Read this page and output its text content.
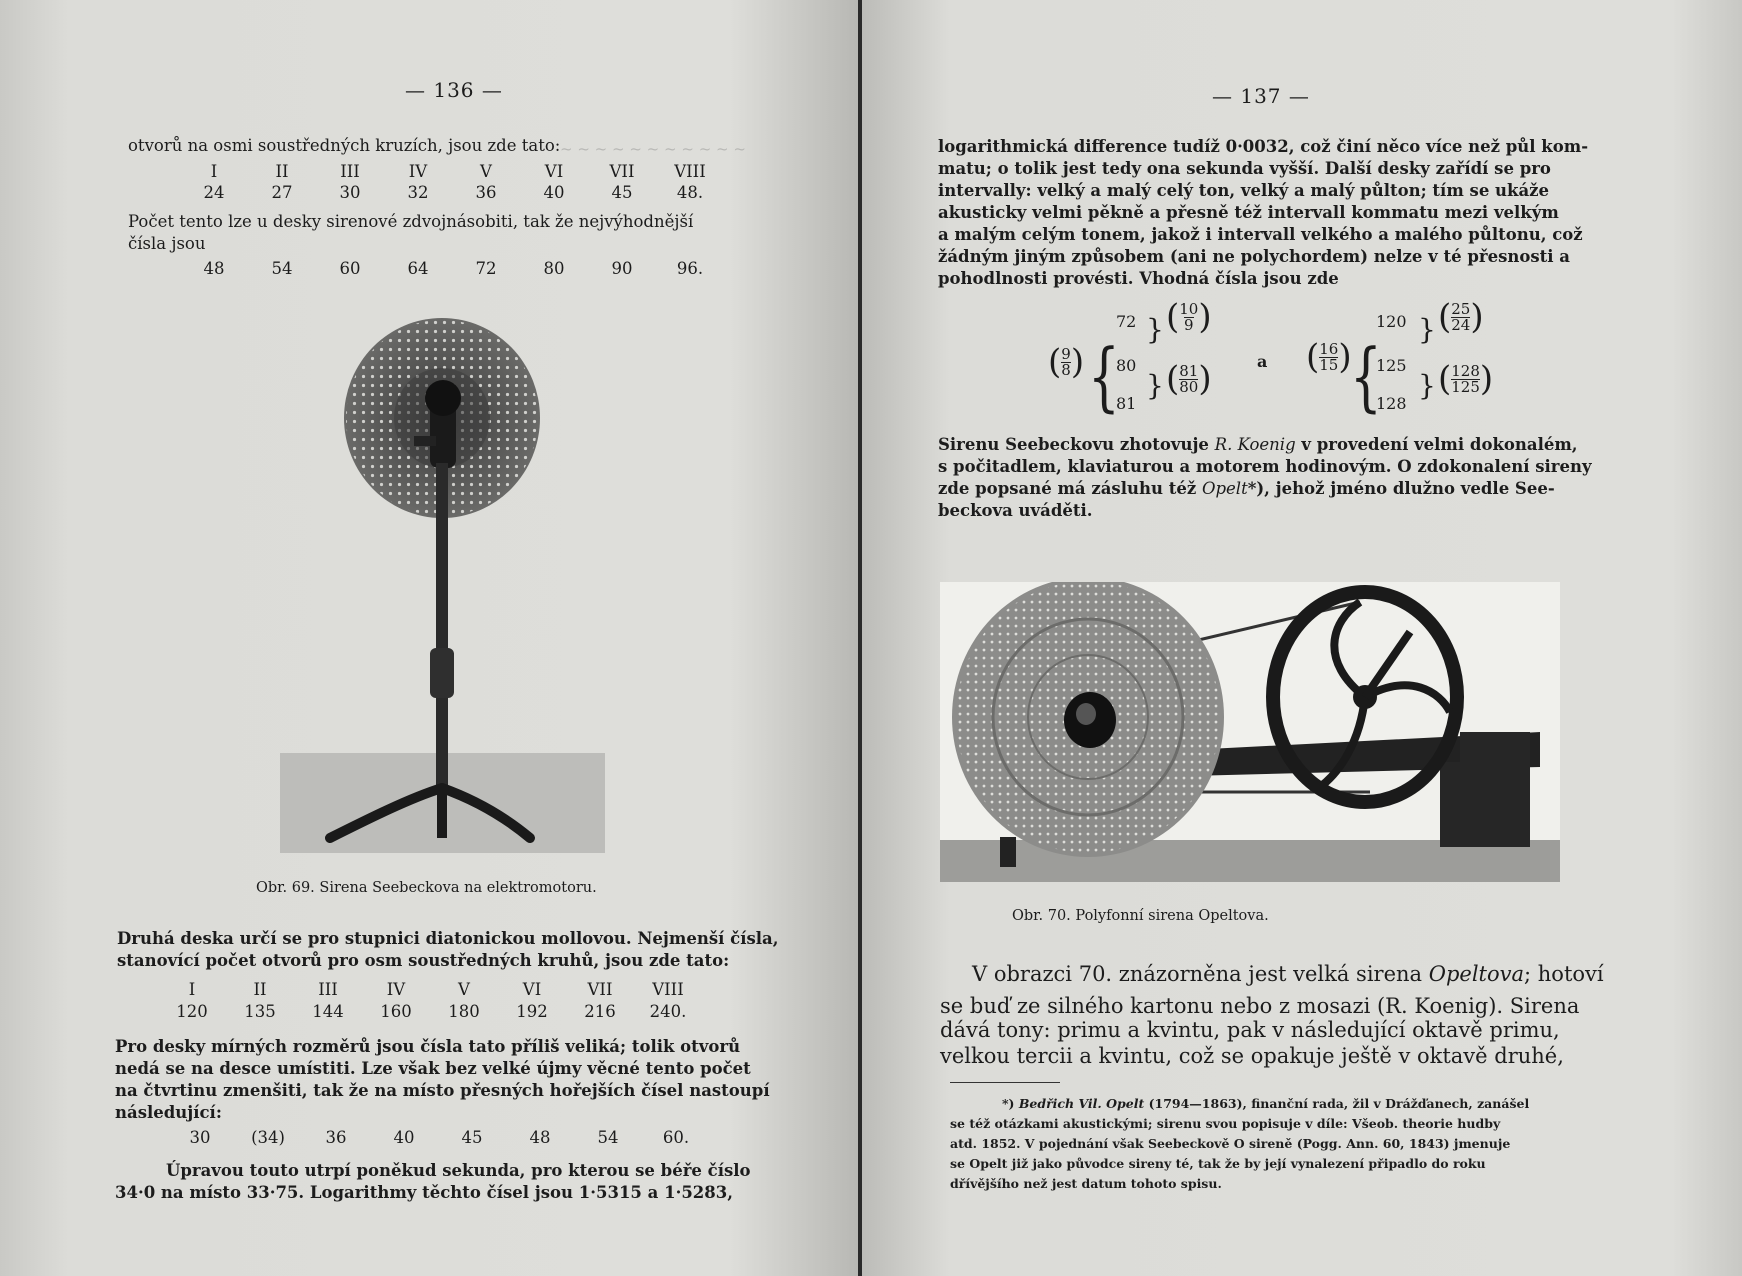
~ ~ ~ ~ ~ ~ ~ ~ ~ ~ ~
— 136 —
otvorů na osmi soustředných kruzích, jsou zde tato:
I	II	III	IV	V	VI	VII	VIII
24	27	30	32	36	40	45	48.
Počet tento lze u desky sirenové zdvojnásobiti, tak že nejvýhodnější
čísla jsou
48	54	60	64	72	80	90	96.
Obr. 69. Sirena Seebeckova na elektromotoru.
Druhá deska určí se pro stupnici diatonickou mollovou. Nejmenší čísla,
stanovící počet otvorů pro osm soustředných kruhů, jsou zde tato:
I	II	III	IV	V	VI	VII	VIII
120	135	144	160	180	192	216	240.
Pro desky mírných rozměrů jsou čísla tato příliš veliká; tolik otvorů
nedá se na desce umístiti. Lze však bez velké újmy věcné tento počet
na čtvrtinu zmenšiti, tak že na místo přesných hořejších čísel nastoupí
následující:
30	(34)	36	40	45	48	54	60.
Úpravou touto utrpí poněkud sekunda, pro kterou se béře číslo
34·0 na místo 33·75. Logarithmy těchto čísel jsou 1·5315 a 1·5283,
— 137 —
logarithmická difference tudíž 0·0032, což činí něco více než půl kom-
matu; o tolik jest tedy ona sekunda vyšší. Další desky zařídí se pro
intervally: velký a malý celý ton, velký a malý půlton; tím se ukáže
akusticky velmi pěkně a přesně též intervall kommatu mezi velkým
a malým celým tonem, jakož i intervall velkého a malého půltonu, což
žádným jiným způsobem (ani ne polychordem) nelze v té přesnosti a
pohodlnosti provésti. Vhodná čísla jsou zde
( $\frac{9}{8}$ ) {
72
80
81
}
}
( $\frac{10}{9}$ )
( $\frac{81}{80}$ )	a ( $\frac{16}{15}$ )
{
120
125
128
}
}
( $\frac{25}{24}$ )
( $\frac{128}{125}$ )
Sirenu Seebeckovu zhotovuje R. Koenig v provedení velmi dokonalém,
s počitadlem, klaviaturou a motorem hodinovým. O zdokonalení sireny
zde popsané má zásluhu též Opelt*), jehož jméno dlužno vedle See-
beckova uváděti.
Obr. 70. Polyfonní sirena Opeltova.
V obrazci 70. znázorněna jest velká sirena Opeltova; hotoví
se buď ze silného kartonu nebo z mosazi (R. Koenig). Sirena
dává tony: primu a kvintu, pak v následující oktavě primu,
velkou tercii a kvintu, což se opakuje ještě v oktavě druhé,
*) Bedřich Vil. Opelt (1794—1863), finanční rada, žil v Drážďanech, zanášel
se též otázkami akustickými; sirenu svou popisuje v díle: Všeob. theorie hudby
atd. 1852. V pojednání však Seebeckově O sireně (Pogg. Ann. 60, 1843) jmenuje
se Opelt již jako původce sireny té, tak že by její vynalezení připadlo do roku
dřívějšího než jest datum tohoto spisu.
